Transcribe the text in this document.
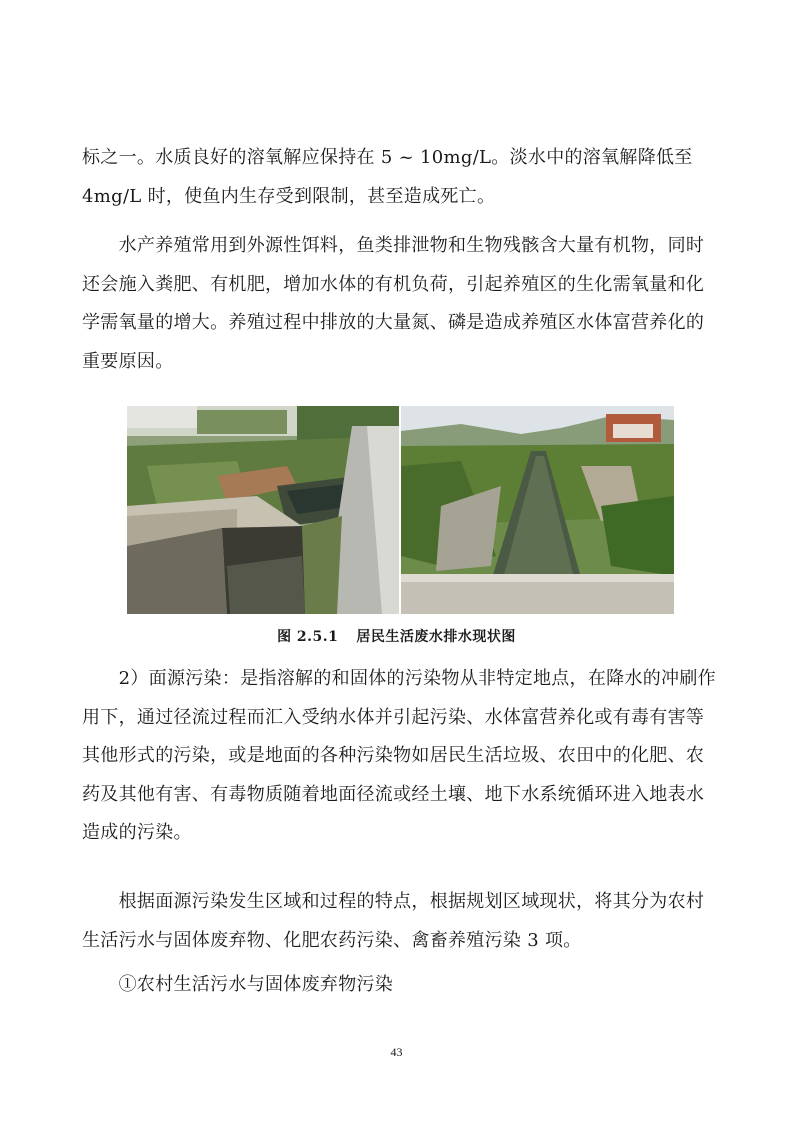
标之一。水质良好的溶氧解应保持在 5 ~ 10mg/L。淡水中的溶氧解降低至
4mg/L 时，使鱼内生存受到限制，甚至造成死亡。

　　水产养殖常用到外源性饵料，鱼类排泄物和生物残骸含大量有机物，同时
还会施入粪肥、有机肥，增加水体的有机负荷，引起养殖区的生化需氧量和化
学需氧量的增大。养殖过程中排放的大量氮、磷是造成养殖区水体富营养化的
重要原因。

图 2.5.1 居民生活废水排水现状图

　　2）面源污染：是指溶解的和固体的污染物从非特定地点，在降水的冲刷作
用下，通过径流过程而汇入受纳水体并引起污染、水体富营养化或有毒有害等
其他形式的污染，或是地面的各种污染物如居民生活垃圾、农田中的化肥、农
药及其他有害、有毒物质随着地面径流或经土壤、地下水系统循环进入地表水
造成的污染。

　　根据面源污染发生区域和过程的特点，根据规划区域现状，将其分为农村
生活污水与固体废弃物、化肥农药污染、禽畜养殖污染 3 项。

　　①农村生活污水与固体废弃物污染

43
